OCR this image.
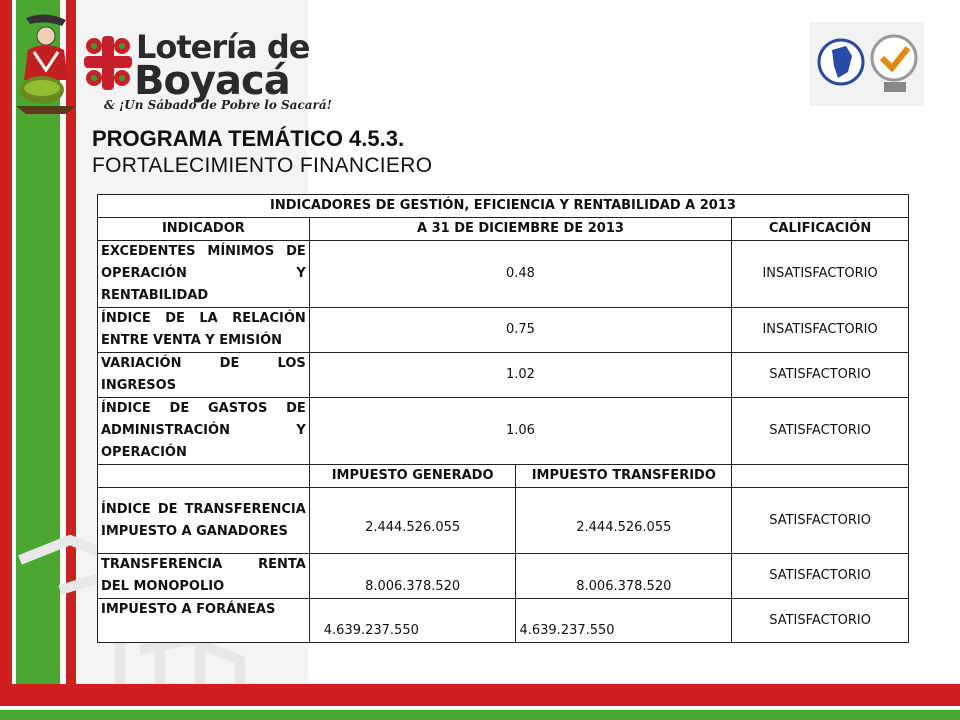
Lotería de
Boyacá
& ¡Un Sábado de Pobre lo Sacará!
PROGRAMA TEMÁTICO 4.5.3.
FORTALECIMIENTO FINANCIERO
INDICADORES DE GESTIÓN, EFICIENCIA Y RENTABILIDAD A 2013			
INDICADOR	A 31 DE DICIEMBRE DE 2013		CALIFICACIÓN
EXCEDENTES MÍNIMOS DE OPERACIÓN Y RENTABILIDAD	0.48		INSATISFACTORIO
ÍNDICE DE LA RELACIÓN ENTRE VENTA Y EMISIÓN	0.75		INSATISFACTORIO
VARIACIÓN DE LOS INGRESOS	1.02		SATISFACTORIO
ÍNDICE DE GASTOS DE ADMINISTRACIÓN Y OPERACIÓN	1.06		SATISFACTORIO
	IMPUESTO GENERADO	IMPUESTO TRANSFERIDO	
ÍNDICE DE TRANSFERENCIA IMPUESTO A GANADORES	2.444.526.055	2.444.526.055	SATISFACTORIO
TRANSFERENCIA RENTA DEL MONOPOLIO	8.006.378.520	8.006.378.520	SATISFACTORIO
IMPUESTO A FORÁNEAS	4.639.237.550	4.639.237.550	SATISFACTORIO
